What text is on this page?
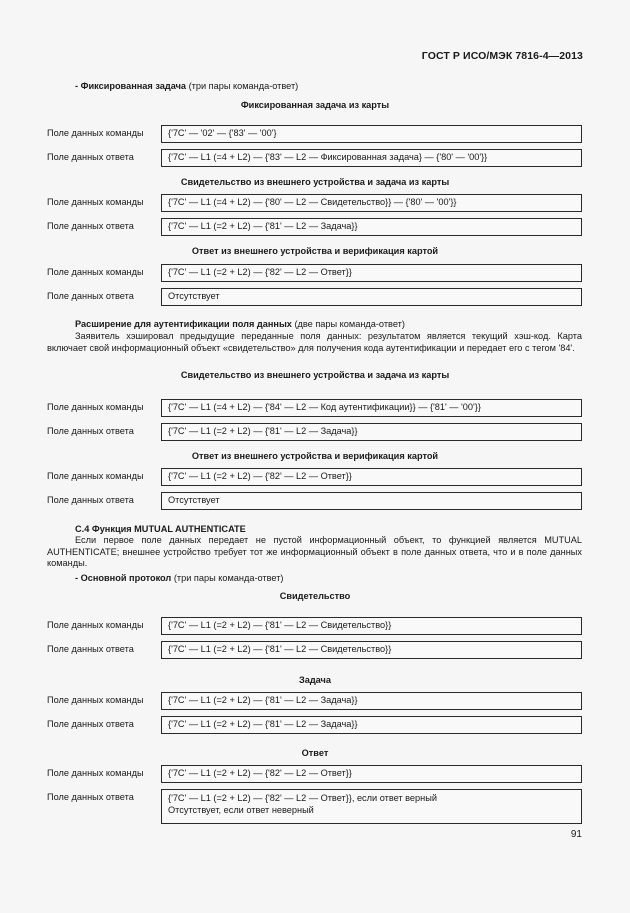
ГОСТ Р ИСО/МЭК 7816-4—2013
- Фиксированная задача (три пары команда-ответ)
Фиксированная задача из карты
Поле данных команды	{'7C' — '02' — {'83' — '00'}
Поле данных ответа	{'7C' — L1 (=4 + L2) — {'83' — L2 — Фиксированная задача} — {'80' — '00'}}
Свидетельство из внешнего устройства и задача из карты
Поле данных команды	{'7C' — L1 (=4 + L2) — {'80' — L2 — Свидетельство}} — {'80' — '00'}}
Поле данных ответа	{'7C' — L1 (=2 + L2) — {'81' — L2 — Задача}}
Ответ из внешнего устройства и верификация картой
Поле данных команды	{'7C' — L1 (=2 + L2) — {'82' — L2 — Ответ}}
Поле данных ответа	Отсутствует
Расширение для аутентификации поля данных (две пары команда-ответ)
Заявитель хэшировал предыдущие переданные поля данных: результатом является текущий хэш-код. Карта включает свой информационный объект «свидетельство» для получения кода аутентификации и передает его с тегом '84'.
Свидетельство из внешнего устройства и задача из карты
Поле данных команды	{'7C' — L1 (=4 + L2) — {'84' — L2 — Код аутентификации}} — {'81' — '00'}}
Поле данных ответа	{'7C' — L1 (=2 + L2) — {'81' — L2 — Задача}}
Ответ из внешнего устройства и верификация картой
Поле данных команды	{'7C' — L1 (=2 + L2) — {'82' — L2 — Ответ}}
Поле данных ответа	Отсутствует
С.4 Функция MUTUAL AUTHENTICATE
Если первое поле данных передает не пустой информационный объект, то функцией является MUTUAL AUTHENTICATE; внешнее устройство требует тот же информационный объект в поле данных ответа, что и в поле данных команды.
- Основной протокол (три пары команда-ответ)
Свидетельство
Поле данных команды	{'7C' — L1 (=2 + L2) — {'81' — L2 — Свидетельство}}
Поле данных ответа	{'7C' — L1 (=2 + L2) — {'81' — L2 — Свидетельство}}
Задача
Поле данных команды	{'7C' — L1 (=2 + L2) — {'81' — L2 — Задача}}
Поле данных ответа	{'7C' — L1 (=2 + L2) — {'81' — L2 — Задача}}
Ответ
Поле данных команды	{'7C' — L1 (=2 + L2) — {'82' — L2 — Ответ}}
Поле данных ответа	{'7C' — L1 (=2 + L2) — {'82' — L2 — Ответ}}, если ответ верный
Отсутствует, если ответ неверный
91
